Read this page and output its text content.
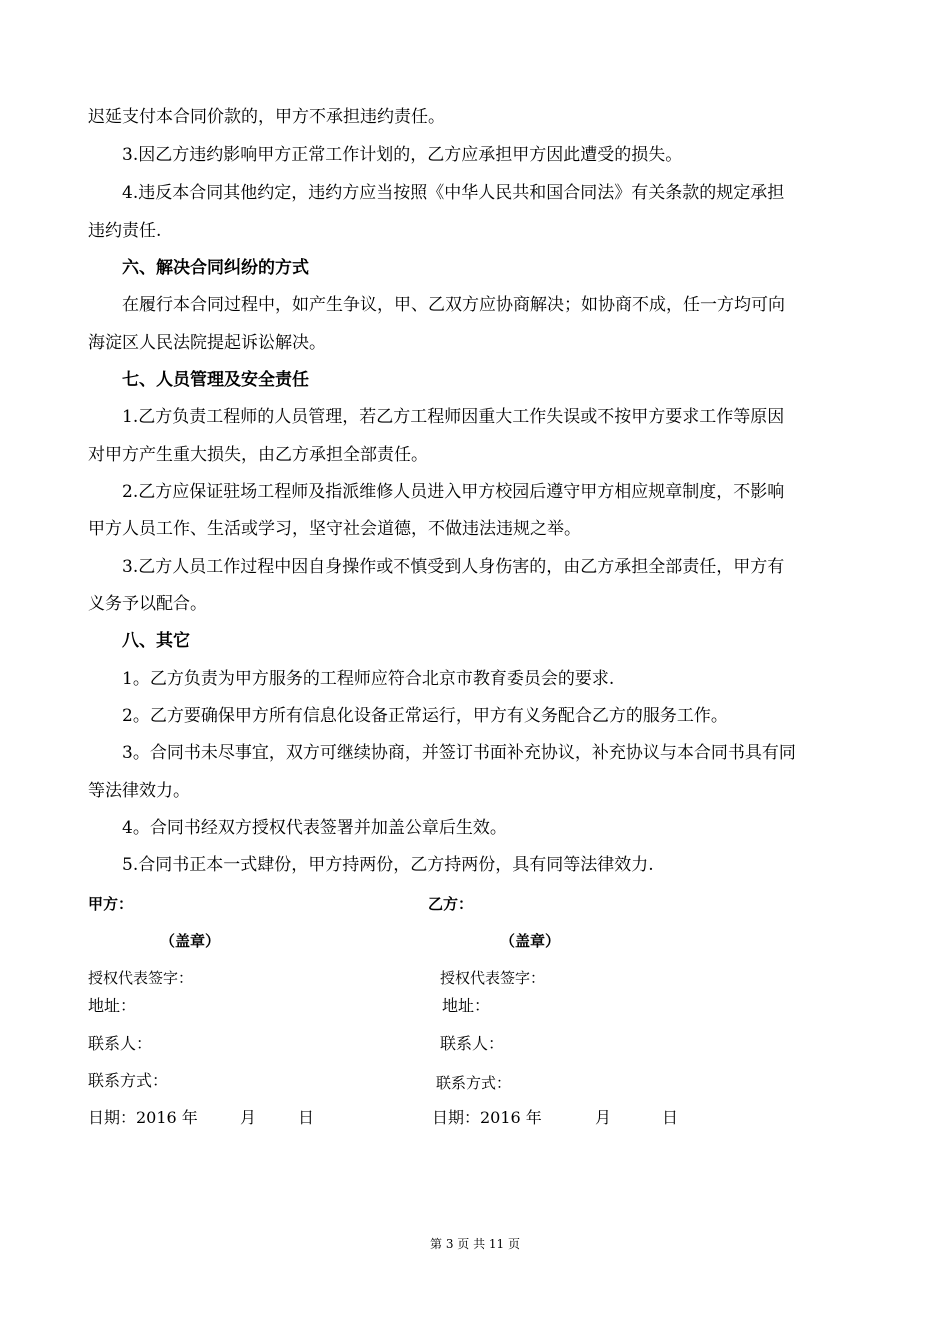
迟延支付本合同价款的，甲方不承担违约责任。
3.因乙方违约影响甲方正常工作计划的，乙方应承担甲方因此遭受的损失。
4.违反本合同其他约定，违约方应当按照《中华人民共和国合同法》有关条款的规定承担
违约责任.
六、解决合同纠纷的方式
在履行本合同过程中，如产生争议，甲、乙双方应协商解决；如协商不成，任一方均可向
海淀区人民法院提起诉讼解决。
七、人员管理及安全责任
1.乙方负责工程师的人员管理，若乙方工程师因重大工作失误或不按甲方要求工作等原因
对甲方产生重大损失，由乙方承担全部责任。
2.乙方应保证驻场工程师及指派维修人员进入甲方校园后遵守甲方相应规章制度，不影响
甲方人员工作、生活或学习，坚守社会道德，不做违法违规之举。
3.乙方人员工作过程中因自身操作或不慎受到人身伤害的，由乙方承担全部责任，甲方有
义务予以配合。
八、其它
1。乙方负责为甲方服务的工程师应符合北京市教育委员会的要求.
2。乙方要确保甲方所有信息化设备正常运行，甲方有义务配合乙方的服务工作。
3。合同书未尽事宜，双方可继续协商，并签订书面补充协议，补充协议与本合同书具有同
等法律效力。
4。合同书经双方授权代表签署并加盖公章后生效。
5.合同书正本一式肆份，甲方持两份，乙方持两份，具有同等法律效力.
甲方：
（盖章）
授权代表签字：
地址：
联系人：
联系方式：
日期：2016 年	月	日
乙方：
（盖章）
授权代表签字：
地址：
联系人：
联系方式：
日期：2016 年	月	日
第 3 页 共 11 页
